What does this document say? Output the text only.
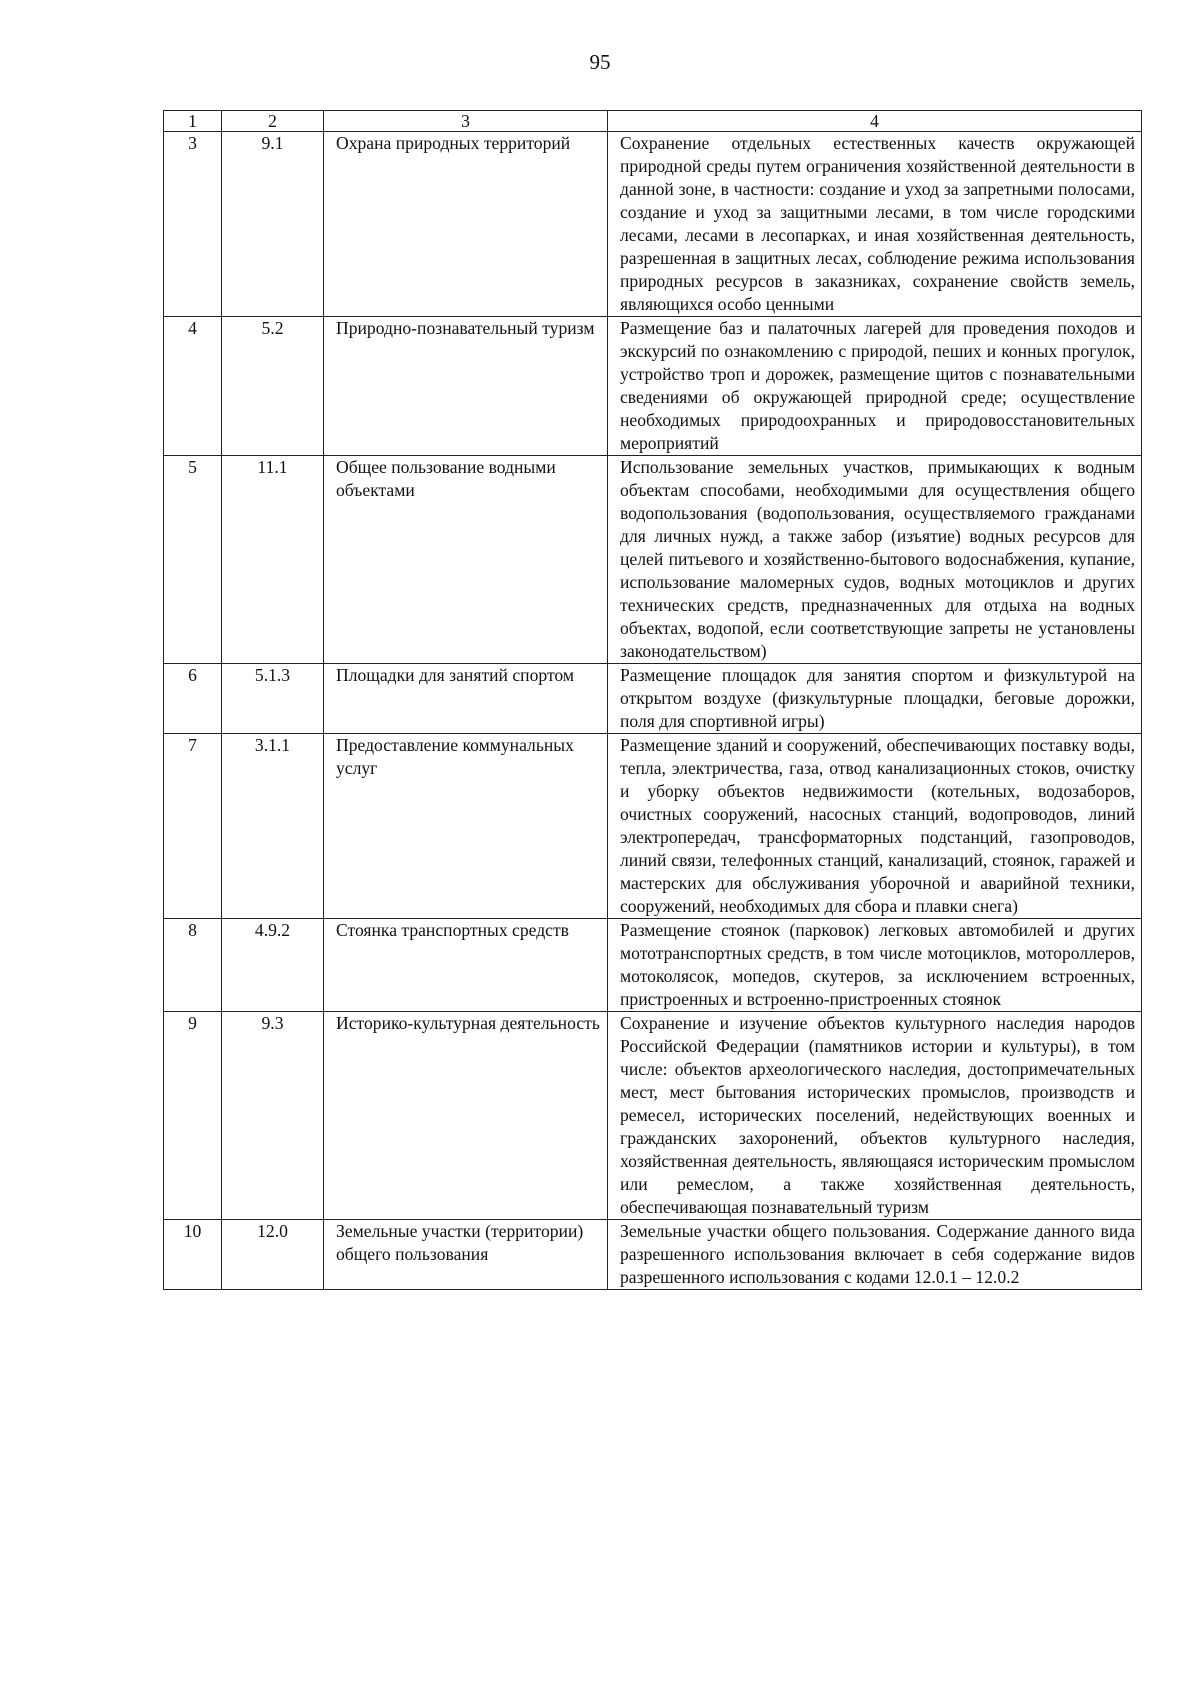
95
1	2	3	4
3	9.1	Охрана природных территорий	Сохранение отдельных естественных качеств окружающей природной среды путем ограничения хозяйственной деятельности в данной зоне, в частности: создание и уход за запретными полосами, создание и уход за защитными лесами, в том числе городскими лесами, лесами в лесопарках, и иная хозяйственная деятельность, разрешенная в защитных лесах, соблюдение режима использования природных ресурсов в заказниках, сохранение свойств земель, являющихся особо ценными
4	5.2	Природно-познавательный туризм	Размещение баз и палаточных лагерей для проведения походов и экскурсий по ознакомлению с природой, пеших и конных прогулок, устройство троп и дорожек, размещение щитов с познавательными сведениями об окружающей природной среде; осуществление необходимых природоохранных и природовосстановительных мероприятий
5	11.1	Общее пользование водными объектами	Использование земельных участков, примыкающих к водным объектам способами, необходимыми для осуществления общего водопользования (водопользования, осуществляемого гражданами для личных нужд, а также забор (изъятие) водных ресурсов для целей питьевого и хозяйственно-бытового водоснабжения, купание, использование маломерных судов, водных мотоциклов и других технических средств, предназначенных для отдыха на водных объектах, водопой, если соответствующие запреты не установлены законодательством)
6	5.1.3	Площадки для занятий спортом	Размещение площадок для занятия спортом и физкультурой на открытом воздухе (физкультурные площадки, беговые дорожки, поля для спортивной игры)
7	3.1.1	Предоставление коммунальных услуг	Размещение зданий и сооружений, обеспечивающих поставку воды, тепла, электричества, газа, отвод канализационных стоков, очистку и уборку объектов недвижимости (котельных, водозаборов, очистных сооружений, насосных станций, водопроводов, линий электропередач, трансформаторных подстанций, газопроводов, линий связи, телефонных станций, канализаций, стоянок, гаражей и мастерских для обслуживания уборочной и аварийной техники, сооружений, необходимых для сбора и плавки снега)
8	4.9.2	Стоянка транспортных средств	Размещение стоянок (парковок) легковых автомобилей и других мототранспортных средств, в том числе мотоциклов, мотороллеров, мотоколясок, мопедов, скутеров, за исключением встроенных, пристроенных и встроенно-пристроенных стоянок
9	9.3	Историко-культурная деятельность	Сохранение и изучение объектов культурного наследия народов Российской Федерации (памятников истории и культуры), в том числе: объектов археологического наследия, достопримечательных мест, мест бытования исторических промыслов, производств и ремесел, исторических поселений, недействующих военных и гражданских захоронений, объектов культурного наследия, хозяйственная деятельность, являющаяся историческим промыслом или ремеслом, а также хозяйственная деятельность, обеспечивающая познавательный туризм
10	12.0	Земельные участки (территории) общего пользования	Земельные участки общего пользования. Содержание данного вида разрешенного использования включает в себя содержание видов разрешенного использования с кодами 12.0.1 – 12.0.2
